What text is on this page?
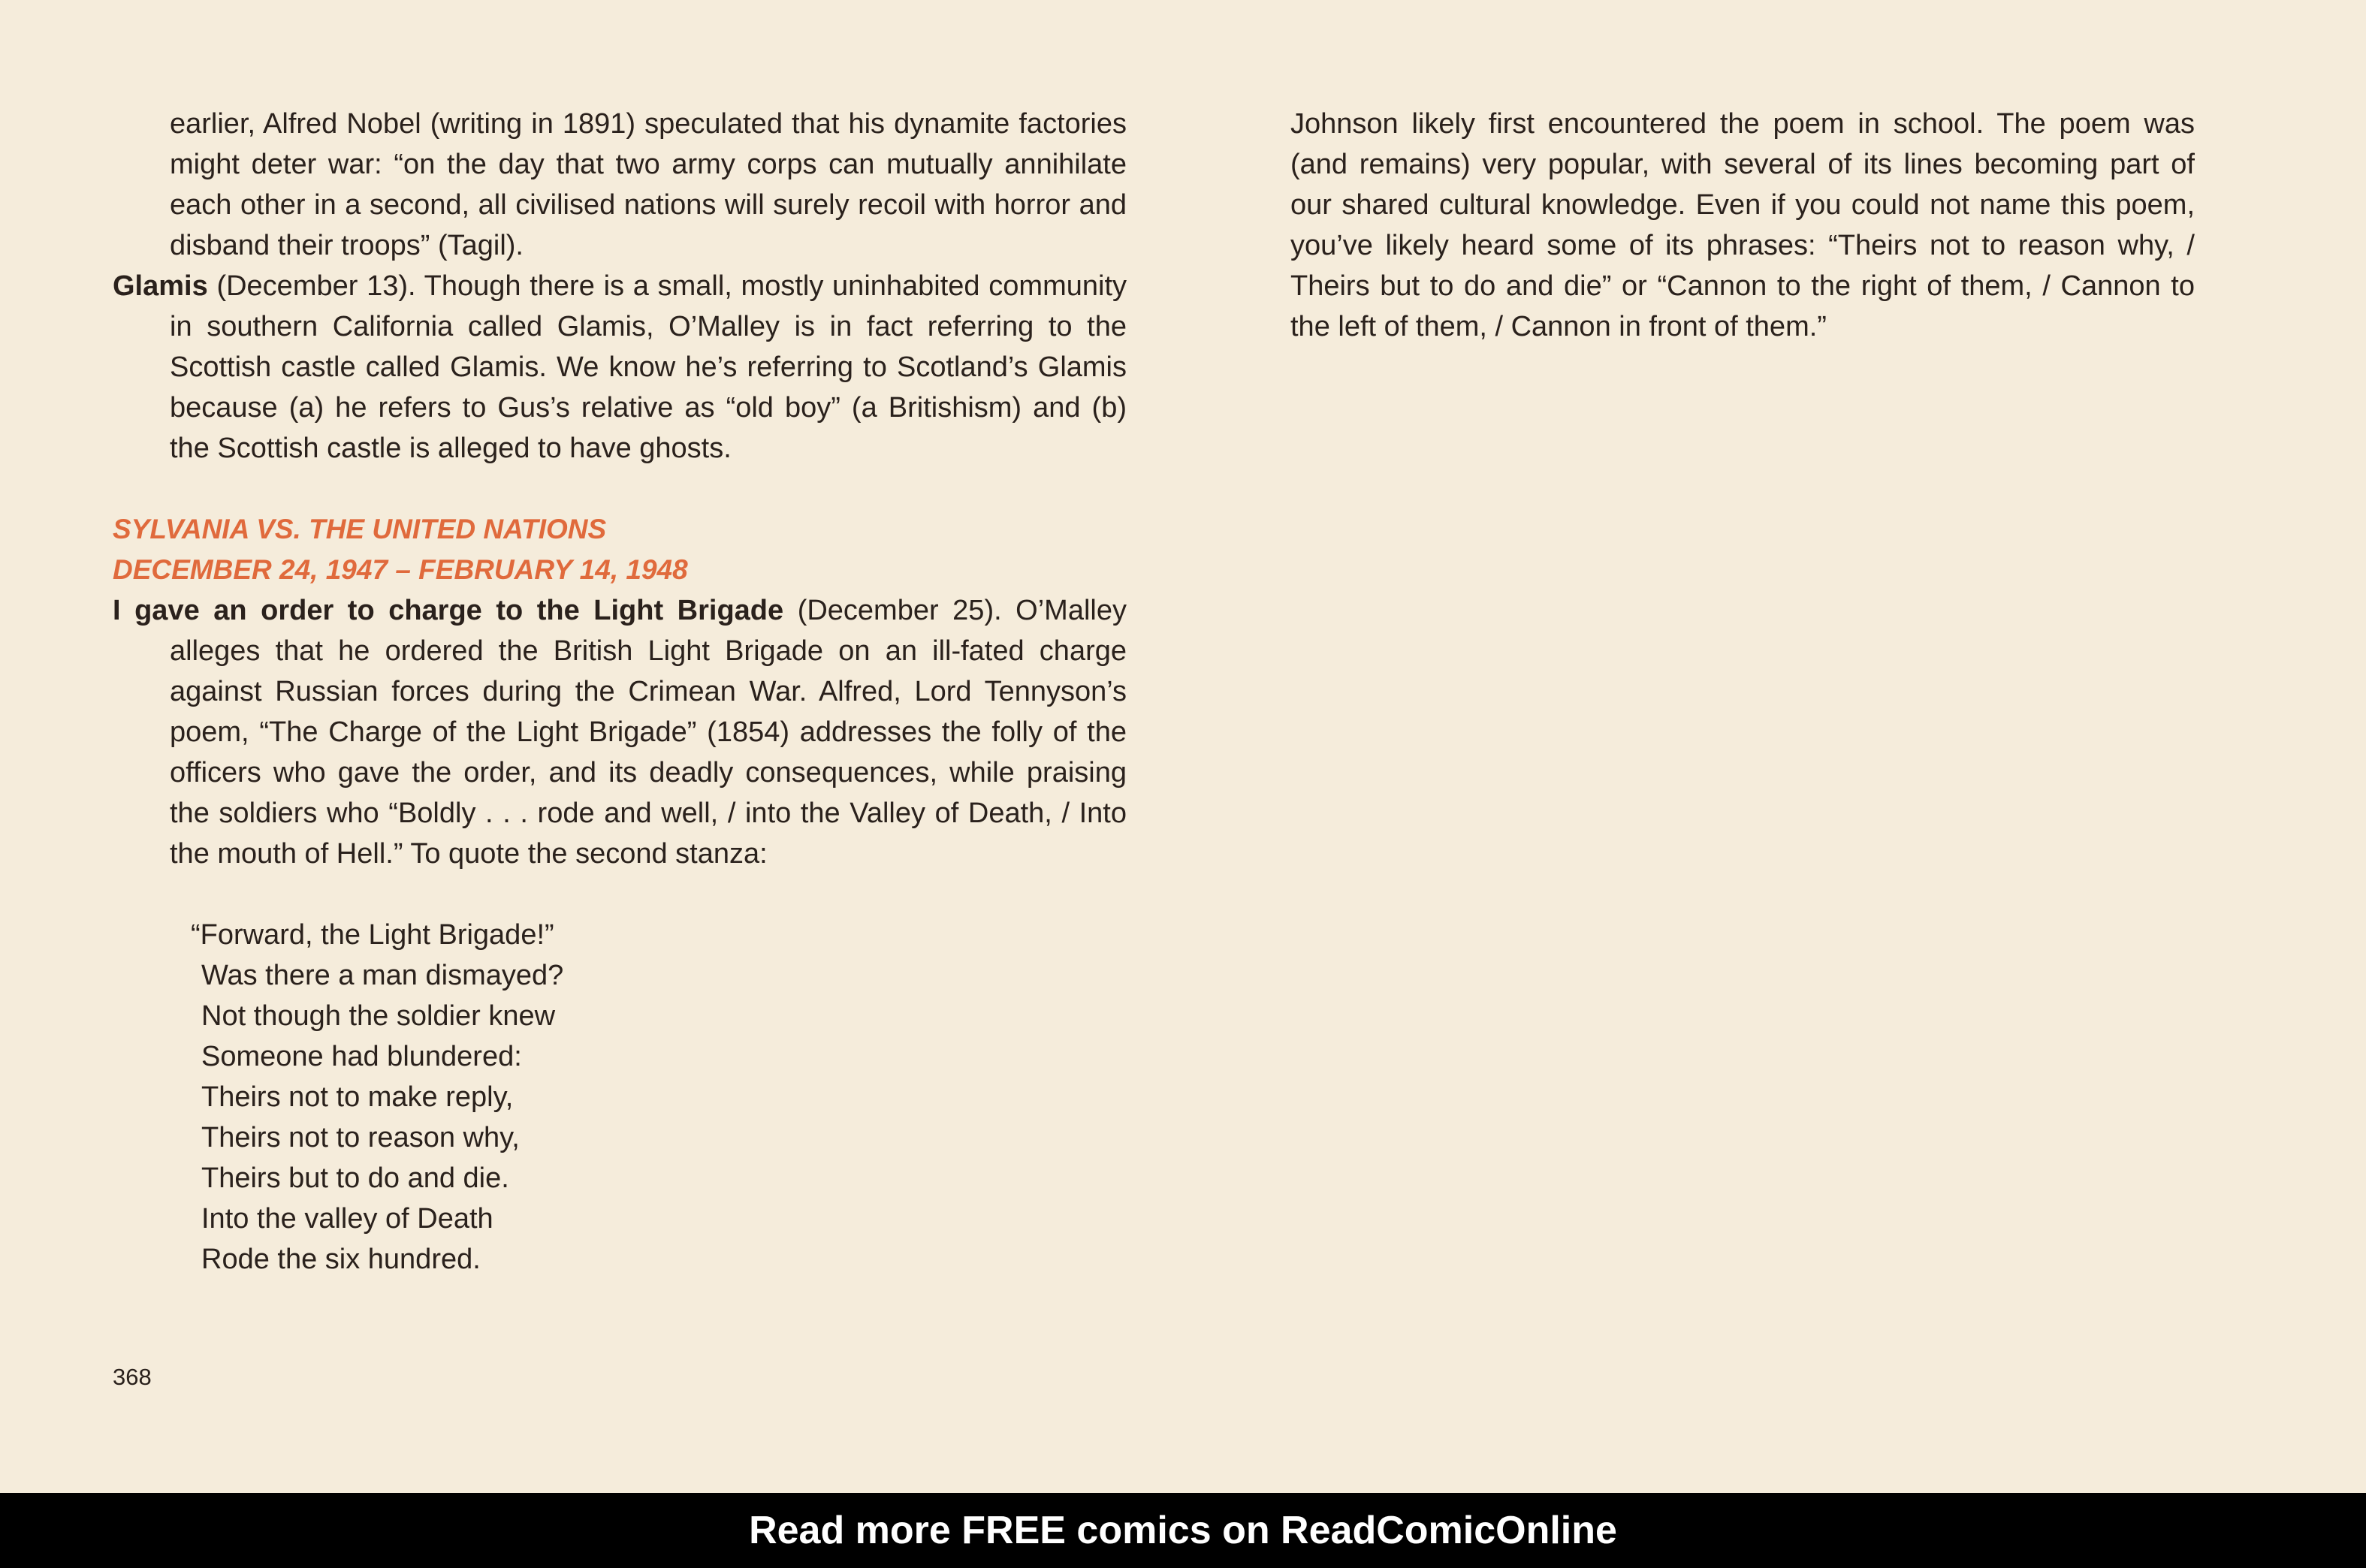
earlier, Alfred Nobel (writing in 1891) speculated that his dynamite factories might deter war: “on the day that two army corps can mutually annihilate each other in a second, all civilised nations will surely recoil with horror and disband their troops” (Tagil).

Glamis (December 13). Though there is a small, mostly uninhabited community in southern California called Glamis, O’Malley is in fact referring to the Scottish castle called Glamis. We know he’s referring to Scotland’s Glamis because (a) he refers to Gus’s relative as “old boy” (a Britishism) and (b) the Scottish castle is alleged to have ghosts.

SYLVANIA VS. THE UNITED NATIONS
DECEMBER 24, 1947 – FEBRUARY 14, 1948

I gave an order to charge to the Light Brigade (December 25). O’Malley alleges that he ordered the British Light Brigade on an ill-fated charge against Russian forces during the Crimean War. Alfred, Lord Tennyson’s poem, “The Charge of the Light Brigade” (1854) addresses the folly of the officers who gave the order, and its deadly consequences, while praising the soldiers who “Boldly . . . rode and well, / into the Valley of Death, / Into the mouth of Hell.” To quote the second stanza:

“Forward, the Light Brigade!”
Was there a man dismayed?
Not though the soldier knew
Someone had blundered:
Theirs not to make reply,
Theirs not to reason why,
Theirs but to do and die.
Into the valley of Death
Rode the six hundred.

Johnson likely first encountered the poem in school. The poem was (and remains) very popular, with several of its lines becoming part of our shared cultural knowledge. Even if you could not name this poem, you’ve likely heard some of its phrases: “Theirs not to reason why, / Theirs but to do and die” or “Cannon to the right of them, / Cannon to the left of them, / Cannon in front of them.”

368
Read more FREE comics on ReadComicOnline
